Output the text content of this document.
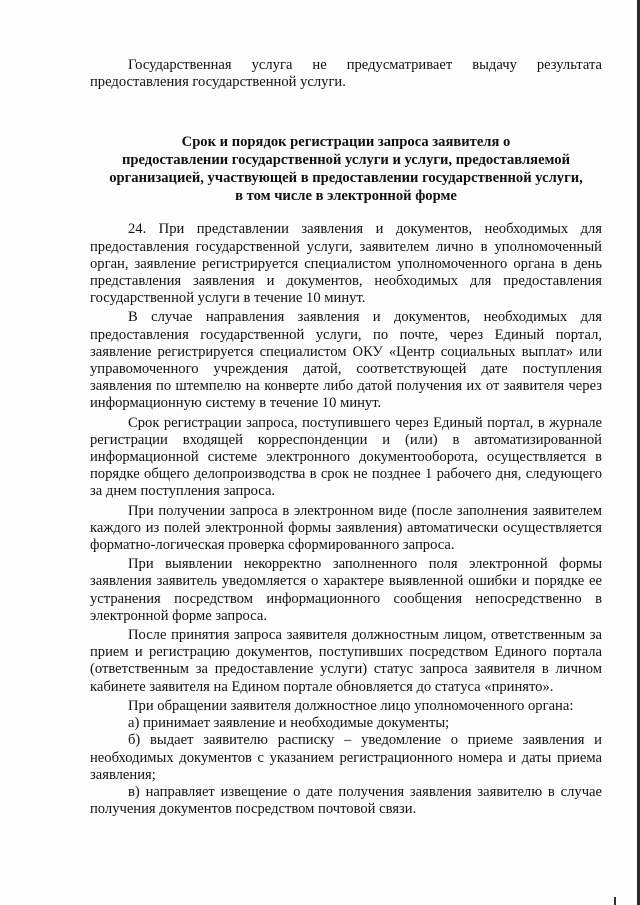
Государственная услуга не предусматривает выдачу результата предоставления государственной услуги.

Срок и порядок регистрации запроса заявителя о

предоставлении государственной услуги и услуги, предоставляемой

организацией, участвующей в предоставлении государственной услуги,

в том числе в электронной форме

24. При представлении заявления и документов, необходимых для предоставления государственной услуги, заявителем лично в уполномоченный орган, заявление регистрируется специалистом уполномоченного органа в день представления заявления и документов, необходимых для предоставления государственной услуги в течение 10 минут.

В случае направления заявления и документов, необходимых для предоставления государственной услуги, по почте, через Единый портал, заявление регистрируется специалистом ОКУ «Центр социальных выплат» или управомоченного учреждения датой, соответствующей дате поступления заявления по штемпелю на конверте либо датой получения их от заявителя через информационную систему в течение 10 минут.

Срок регистрации запроса, поступившего через Единый портал, в журнале регистрации входящей корреспонденции и (или) в автоматизированной информационной системе электронного документооборота, осуществляется в порядке общего делопроизводства в срок не позднее 1 рабочего дня, следующего за днем поступления запроса.

При получении запроса в электронном виде (после заполнения заявителем каждого из полей электронной формы заявления) автоматически осуществляется форматно-логическая проверка сформированного запроса.

При выявлении некорректно заполненного поля электронной формы заявления заявитель уведомляется о характере выявленной ошибки и порядке ее устранения посредством информационного сообщения непосредственно в электронной форме запроса.

После принятия запроса заявителя должностным лицом, ответственным за прием и регистрацию документов, поступивших посредством Единого портала (ответственным за предоставление услуги) статус запроса заявителя в личном кабинете заявителя на Едином портале обновляется до статуса «принято».

При обращении заявителя должностное лицо уполномоченного органа:

а) принимает заявление и необходимые документы;

б) выдает заявителю расписку – уведомление о приеме заявления и необходимых документов с указанием регистрационного номера и даты приема заявления;

в) направляет извещение о дате получения заявления заявителю в случае получения документов посредством почтовой связи.
